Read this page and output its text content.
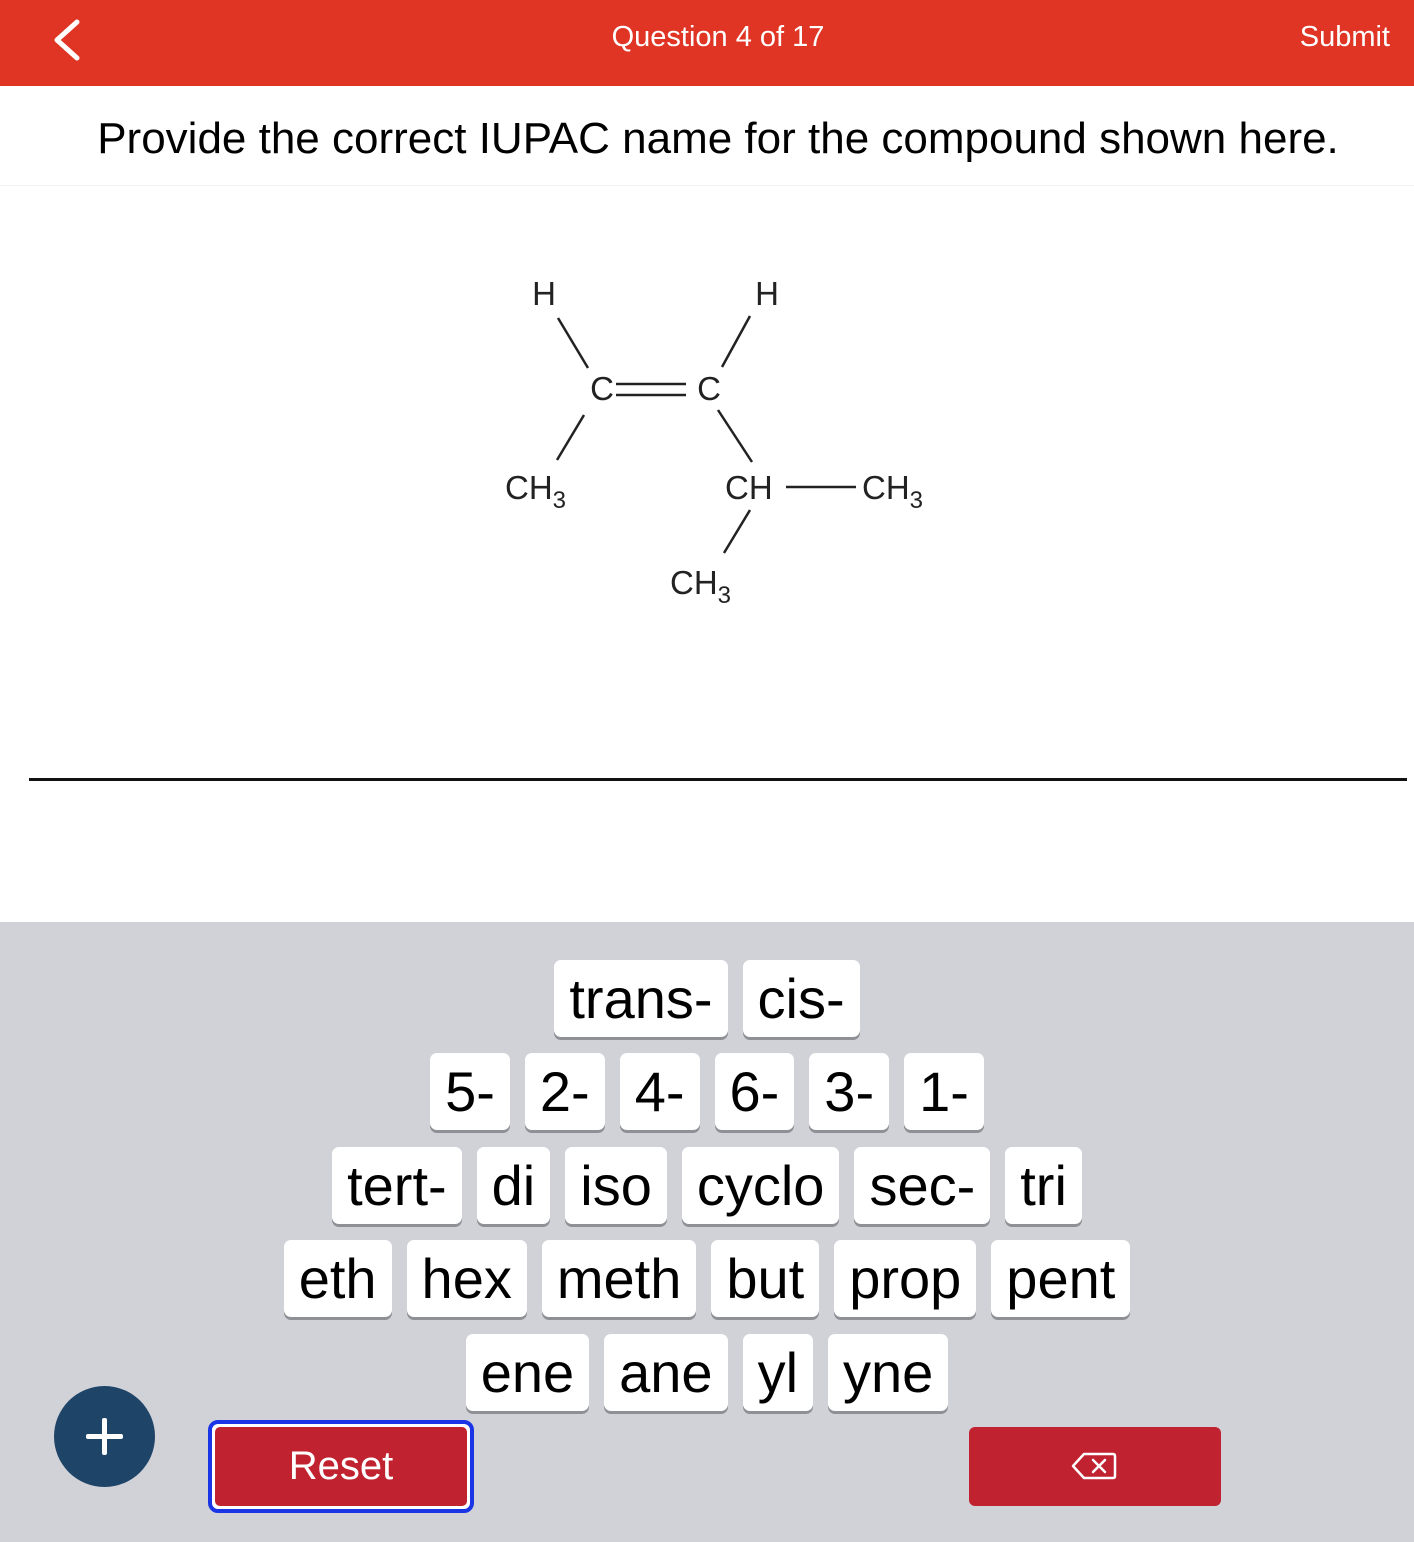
Question 4 of 17	Submit
Provide the correct IUPAC name for the compound shown here.
H	H
C	C
$CH_3$	CH	$CH_3$
$CH_3$
trans- cis-
5- 2- 4- 6- 3- 1-
tert- di iso cyclo sec- tri
eth hex meth but prop pent
ene ane yl yne
Reset
